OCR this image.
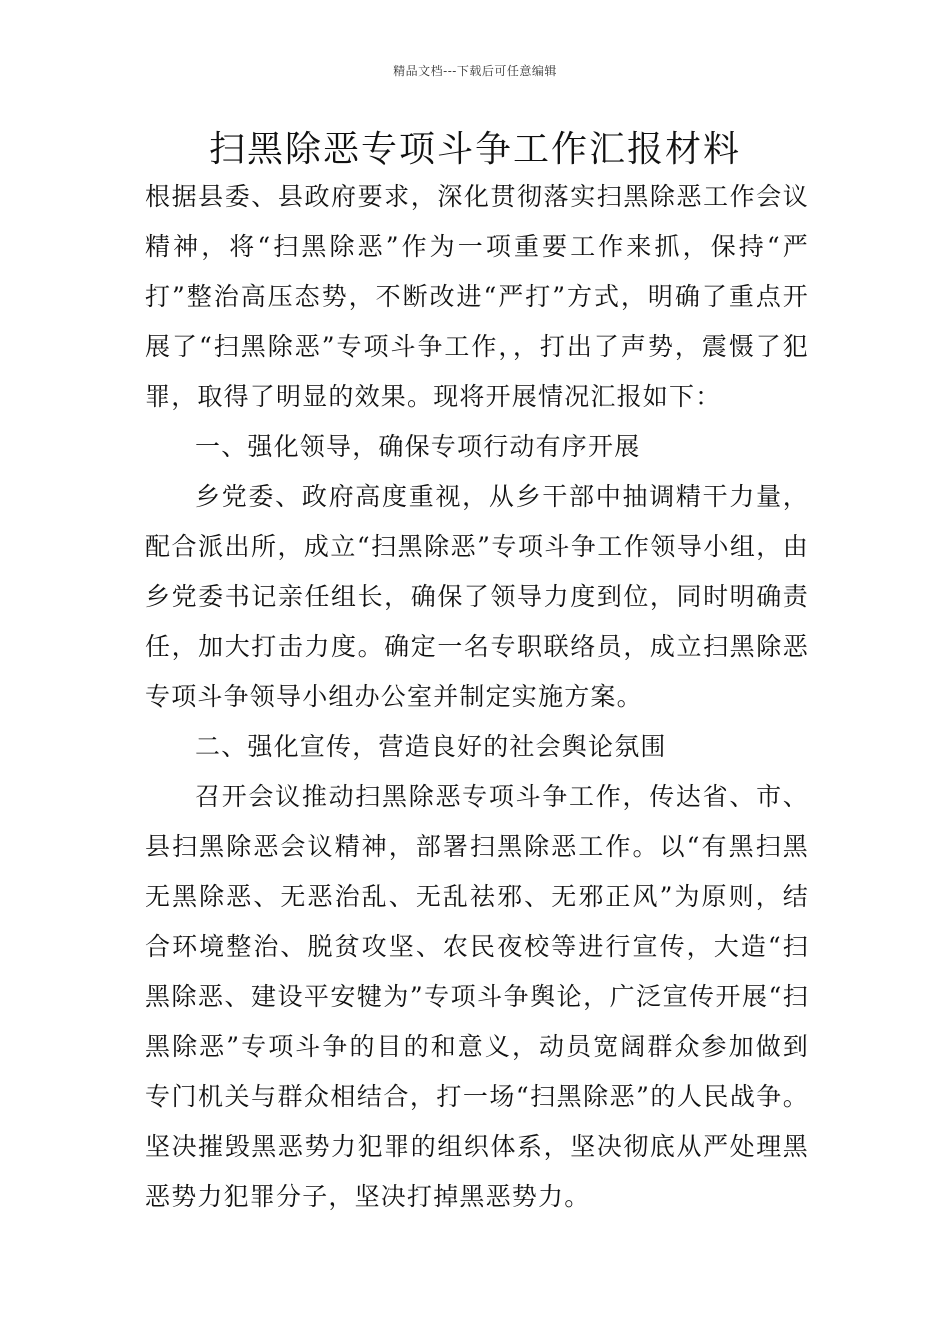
精品文档---下载后可任意编辑
扫黑除恶专项斗争工作汇报材料

根据县委、县政府要求，深化贯彻落实扫黑除恶工作会议精神，将“扫黑除恶”作为一项重要工作来抓，保持“严打”整治高压态势，不断改进“严打”方式，明确了重点开展了“扫黑除恶”专项斗争工作，，打出了声势，震慑了犯罪，取得了明显的效果。现将开展情况汇报如下：

一、强化领导，确保专项行动有序开展

乡党委、政府高度重视，从乡干部中抽调精干力量，配合派出所，成立“扫黑除恶”专项斗争工作领导小组，由乡党委书记亲任组长，确保了领导力度到位，同时明确责任，加大打击力度。确定一名专职联络员，成立扫黑除恶专项斗争领导小组办公室并制定实施方案。

二、强化宣传，营造良好的社会舆论氛围

召开会议推动扫黑除恶专项斗争工作，传达省、市、县扫黑除恶会议精神，部署扫黑除恶工作。以“有黑扫黑无黑除恶、无恶治乱、无乱祛邪、无邪正风”为原则，结合环境整治、脱贫攻坚、农民夜校等进行宣传，大造“扫黑除恶、建设平安犍为”专项斗争舆论，广泛宣传开展“扫黑除恶”专项斗争的目的和意义，动员宽阔群众参加做到专门机关与群众相结合，打一场“扫黑除恶”的人民战争。坚决摧毁黑恶势力犯罪的组织体系，坚决彻底从严处理黑恶势力犯罪分子，坚决打掉黑恶势力。
